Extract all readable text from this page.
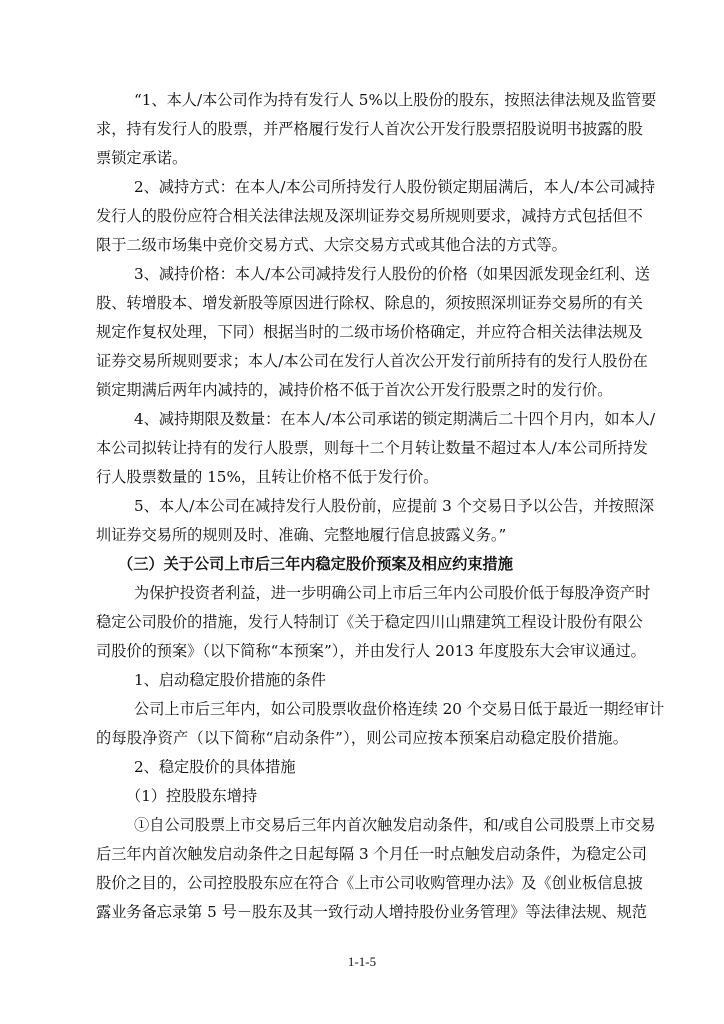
“1、本人/本公司作为持有发行人 5%以上股份的股东，按照法律法规及监管要
求，持有发行人的股票，并严格履行发行人首次公开发行股票招股说明书披露的股
票锁定承诺。
2、减持方式：在本人/本公司所持发行人股份锁定期届满后，本人/本公司减持
发行人的股份应符合相关法律法规及深圳证券交易所规则要求，减持方式包括但不
限于二级市场集中竞价交易方式、大宗交易方式或其他合法的方式等。
3、减持价格：本人/本公司减持发行人股份的价格（如果因派发现金红利、送
股、转增股本、增发新股等原因进行除权、除息的，须按照深圳证券交易所的有关
规定作复权处理，下同）根据当时的二级市场价格确定，并应符合相关法律法规及
证券交易所规则要求；本人/本公司在发行人首次公开发行前所持有的发行人股份在
锁定期满后两年内减持的，减持价格不低于首次公开发行股票之时的发行价。
4、减持期限及数量：在本人/本公司承诺的锁定期满后二十四个月内，如本人/
本公司拟转让持有的发行人股票，则每十二个月转让数量不超过本人/本公司所持发
行人股票数量的 15%，且转让价格不低于发行价。
5、本人/本公司在减持发行人股份前，应提前 3 个交易日予以公告，并按照深
圳证券交易所的规则及时、准确、完整地履行信息披露义务。”
（三）关于公司上市后三年内稳定股价预案及相应约束措施
为保护投资者利益，进一步明确公司上市后三年内公司股价低于每股净资产时
稳定公司股价的措施，发行人特制订《关于稳定四川山鼎建筑工程设计股份有限公
司股价的预案》（以下简称“本预案”），并由发行人 2013 年度股东大会审议通过。
1、启动稳定股价措施的条件
公司上市后三年内，如公司股票收盘价格连续 20 个交易日低于最近一期经审计
的每股净资产（以下简称“启动条件”），则公司应按本预案启动稳定股价措施。
2、稳定股价的具体措施
（1）控股股东增持
①自公司股票上市交易后三年内首次触发启动条件，和/或自公司股票上市交易
后三年内首次触发启动条件之日起每隔 3 个月任一时点触发启动条件，为稳定公司
股价之目的，公司控股股东应在符合《上市公司收购管理办法》及《创业板信息披
露业务备忘录第 5 号－股东及其一致行动人增持股份业务管理》等法律法规、规范
1-1-5
